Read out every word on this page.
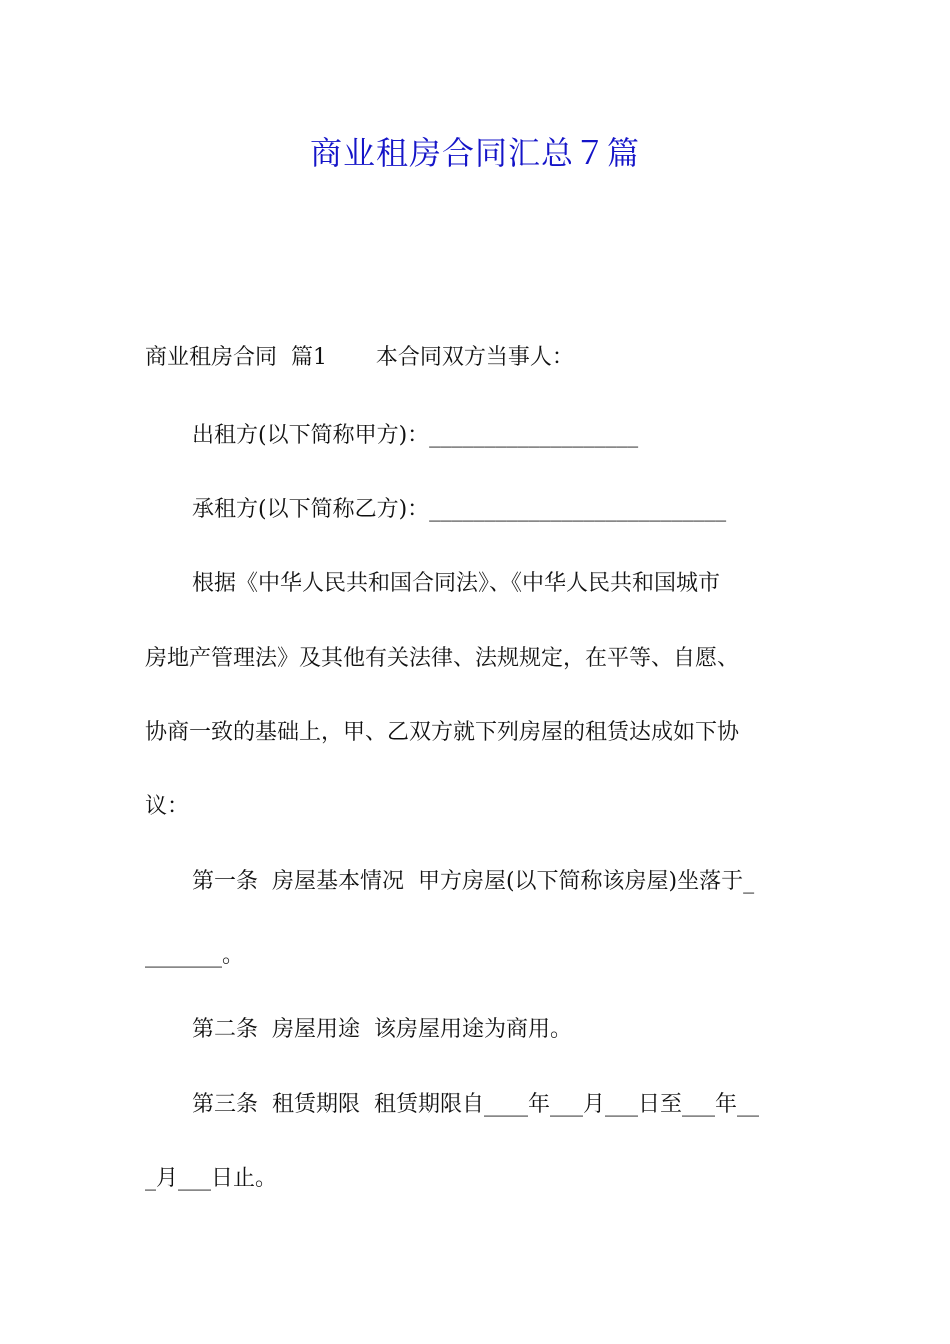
商业租房合同汇总７篇
商业租房合同  篇1       本合同双方当事人：
出租方(以下简称甲方)：___________________
承租方(以下简称乙方)：___________________________
根据《中华人民共和国合同法》、《中华人民共和国城市
房地产管理法》及其他有关法律、法规规定，在平等、自愿、
协商一致的基础上，甲、乙双方就下列房屋的租赁达成如下协
议：
第一条  房屋基本情况  甲方房屋(以下简称该房屋)坐落于_
_______。
第二条  房屋用途  该房屋用途为商用。
第三条  租赁期限  租赁期限自____年___月___日至___年__
_月___日止。
